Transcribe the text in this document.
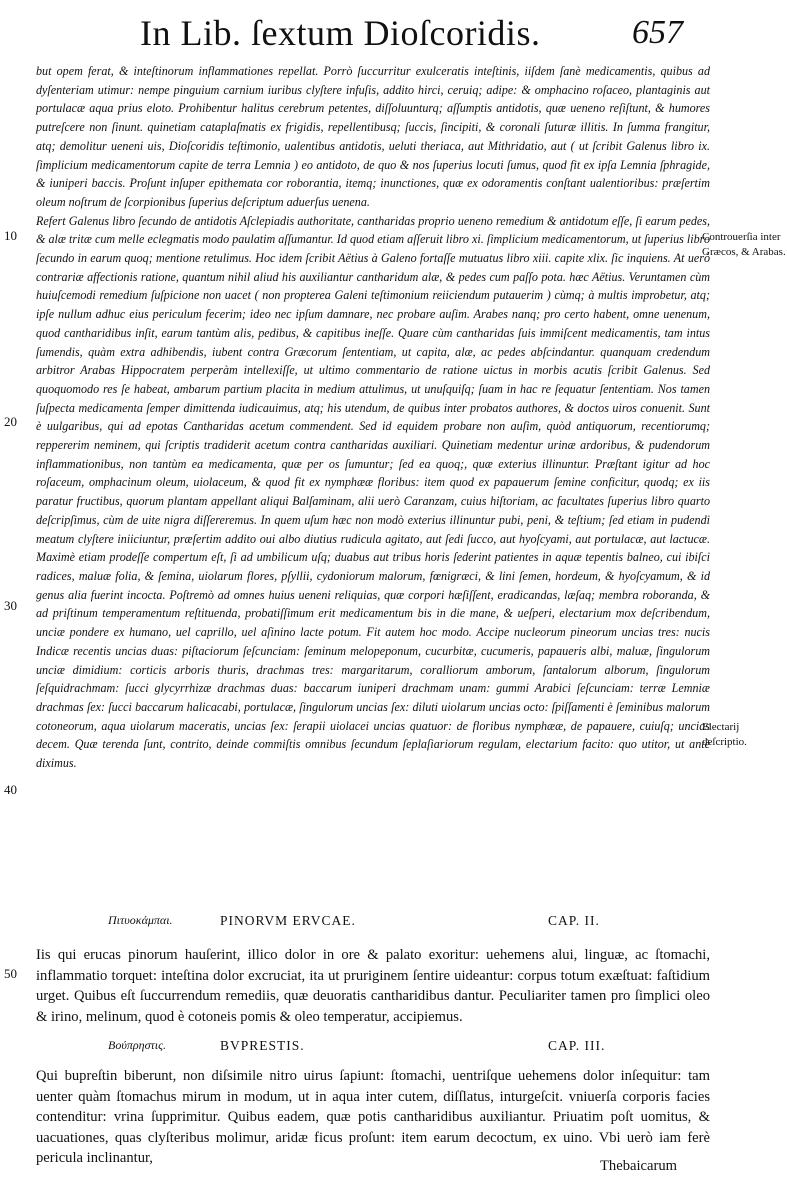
In Lib. ſextum Dioſcoridis.	657

but opem ferat, & inteſtinorum inflammationes repellat. Porrò ſuccurritur exulceratis inteſtinis, iiſdem ſanè medicamentis, quibus ad dyſenteriam utimur: nempe pinguium carnium iuribus clyſtere infuſis, addito hirci, ceruiq; adipe: & omphacino roſaceo, plantaginis aut portulacæ aqua prius eloto. Prohibentur halitus cerebrum petentes, diſſoluunturq; aſſumptis antidotis, quæ ueneno reſiſtunt, & humores putreſcere non ſinunt. quinetiam cataplaſmatis ex frigidis, repellentibusq; ſuccis, ſincipiti, & coronali ſuturæ illitis. In ſumma frangitur, atq; demolitur ueneni uis, Dioſcoridis teſtimonio, ualentibus antidotis, ueluti theriaca, aut Mithridatio, aut ( ut ſcribit Galenus libro ix. ſimplicium medicamentorum capite de terra Lemnia ) eo antidoto, de quo & nos ſuperius locuti ſumus, quod fit ex ipſa Lemnia ſphragide, & iuniperi baccis. Proſunt inſuper epithemata cor roborantia, itemq; inunctiones, quæ ex odoramentis conſtant ualentioribus: præſertim oleum noſtrum de ſcorpionibus ſuperius deſcriptum aduerſus uenena.

Refert Galenus libro ſecundo de antidotis Aſclepiadis authoritate, cantharidas proprio ueneno remedium & antidotum eſſe, ſi earum pedes, & alæ tritæ cum melle eclegmatis modo paulatim aſſumantur. Id quod etiam aſſeruit libro xi. ſimplicium medicamentorum, ut ſuperius libro ſecundo in earum quoq; mentione retulimus. Hoc idem ſcribit Aëtius à Galeno fortaſſe mutuatus libro xiii. capite xlix. ſic inquiens. At uerò contrariæ affectionis ratione, quantum nihil aliud his auxiliantur cantharidum alæ, & pedes cum paſſo pota. hæc Aëtius. Veruntamen cùm huiuſcemodi remedium ſuſpicione non uacet ( non propterea Galeni teſtimonium reiiciendum putauerim ) cùmq; à multis improbetur, atq; ipſe nullum adhuc eius periculum fecerim; ideo nec ipſum damnare, nec probare auſim. Arabes nanq; pro certo habent, omne uenenum, quod cantharidibus inſit, earum tantùm alis, pedibus, & capitibus ineſſe. Quare cùm cantharidas ſuis immiſcent medicamentis, tam intus ſumendis, quàm extra adhibendis, iubent contra Græcorum ſententiam, ut capita, alæ, ac pedes abſcindantur. quanquam credendum arbitror Arabas Hippocratem perperàm intellexiſſe, ut ultimo commentario de ratione uictus in morbis acutis ſcribit Galenus. Sed quoquomodo res ſe habeat, ambarum partium placita in medium attulimus, ut unuſquiſq; ſuam in hac re ſequatur ſententiam. Nos tamen ſuſpecta medicamenta ſemper dimittenda iudicauimus, atq; his utendum, de quibus inter probatos authores, & doctos uiros conuenit. Sunt è uulgaribus, qui ad epotas Cantharidas acetum commendent. Sed id equidem probare non auſim, quòd antiquorum, recentiorumq; reppererim neminem, qui ſcriptis tradiderit acetum contra cantharidas auxiliari. Quinetiam medentur urinæ ardoribus, & pudendorum inflammationibus, non tantùm ea medicamenta, quæ per os ſumuntur; ſed ea quoq;, quæ exterius illinuntur. Præſtant igitur ad hoc roſaceum, omphacinum oleum, uiolaceum, & quod fit ex nymphææ floribus: item quod ex papauerum ſemine conficitur, quodq; ex iis paratur fructibus, quorum plantam appellant aliqui Balſaminam, alii uerò Caranzam, cuius hiſtoriam, ac facultates ſuperius libro quarto deſcripſimus, cùm de uite nigra diſſereremus. In quem uſum hæc non modò exterius illinuntur pubi, peni, & teſtium; ſed etiam in pudendi meatum clyſtere iniiciuntur, præſertim addito oui albo diutius rudicula agitato, aut ſedi ſucco, aut hyoſcyami, aut portulacæ, aut lactucæ. Maximè etiam prodeſſe compertum eſt, ſi ad umbilicum uſq; duabus aut tribus horis ſederint patientes in aquæ tepentis balneo, cui ibiſci radices, maluæ folia, & ſemina, uiolarum flores, pſyllii, cydoniorum malorum, fœnigræci, & lini ſemen, hordeum, & hyoſcyamum, & id genus alia fuerint incocta. Poſtremò ad omnes huius ueneni reliquias, quæ corpori hæſiſſent, eradicandas, læſaq; membra roboranda, & ad priſtinum temperamentum reſtituenda, probatiſſimum erit medicamentum bis in die mane, & ueſperi, electarium mox deſcribendum, unciæ pondere ex humano, uel caprillo, uel aſinino lacte potum. Fit autem hoc modo. Accipe nucleorum pineorum uncias tres: nucis Indicæ recentis uncias duas: piſtaciorum ſeſcunciam: ſeminum melopeponum, cucurbitæ, cucumeris, papaueris albi, maluæ, ſingulorum unciæ dimidium: corticis arboris thuris, drachmas tres: margaritarum, coralliorum amborum, ſantalorum alborum, ſingulorum ſeſquidrachmam: ſucci glycyrrhizæ drachmas duas: baccarum iuniperi drachmam unam: gummi Arabici ſeſcunciam: terræ Lemniæ drachmas ſex: ſucci baccarum halicacabi, portulacæ, ſingulorum uncias ſex: diluti uiolarum uncias octo: ſpiſſamenti è ſeminibus malorum cotoneorum, aqua uiolarum maceratis, uncias ſex: ſerapii uiolacei uncias quatuor: de floribus nymphææ, de papauere, cuiuſq; uncias decem. Quæ terenda ſunt, contrito, deinde commiſtis omnibus ſecundum ſeplaſiariorum regulam, electarium facito: quo utitor, ut antè diximus.

10
20
30
40
50
Controuerſia inter Græcos, & Arabas.
Electarij deſcriptio.
Πιτυοκάμπαι.	PINORVM ERVCAE.	CAP. II.

Iis qui erucas pinorum hauſerint, illico dolor in ore & palato exoritur: uehemens alui, linguæ, ac ſtomachi, inflammatio torquet: inteſtina dolor excruciat, ita ut pruriginem ſentire uideantur: corpus totum exæſtuat: faſtidium urget. Quibus eſt ſuccurrendum remediis, quæ deuoratis cantharidibus dantur. Peculiariter tamen pro ſimplici oleo & irino, melinum, quod è cotoneis pomis & oleo temperatur, accipiemus.

Βούπρηστις.	BVPRESTIS.	CAP. III.

Qui bupreſtin biberunt, non diſsimile nitro uirus ſapiunt: ſtomachi, uentriſque uehemens dolor inſequitur: tam uenter quàm ſtomachus mirum in modum, ut in aqua inter cutem, diſſlatus, inturgeſcit. vniuerſa corporis facies contenditur: vrina ſupprimitur. Quibus eadem, quæ potis cantharidibus auxiliantur. Priuatim poſt uomitus, & uacuationes, quas clyſteribus molimur, aridæ ficus proſunt: item earum decoctum, ex uino. Vbi uerò iam ferè pericula inclinantur,	Thebaicarum
